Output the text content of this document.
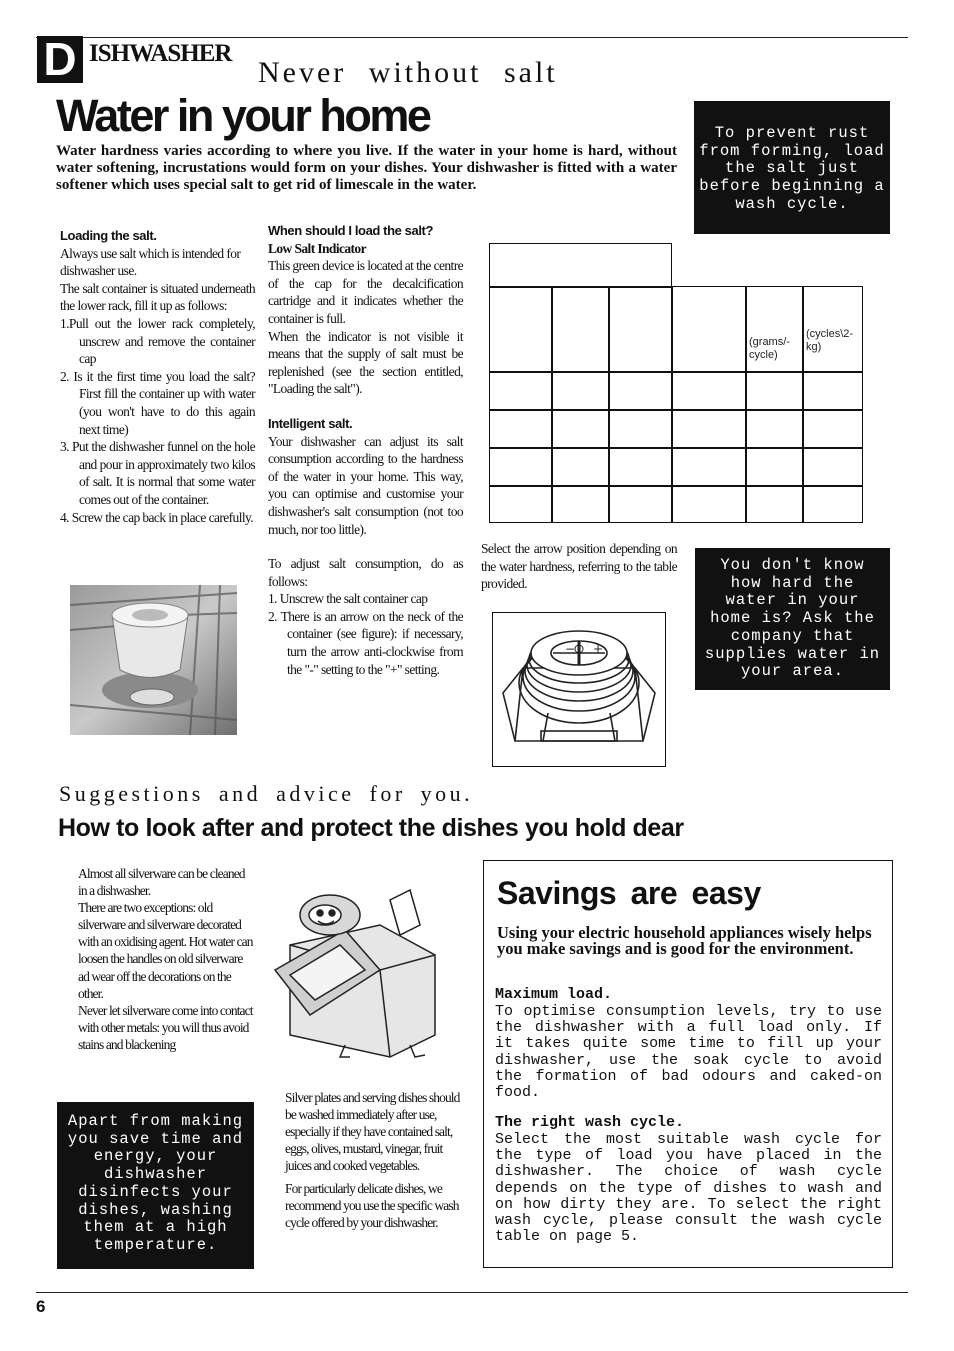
D ISHWASHER
Never without salt
Water in your home
Water hardness varies according to where you live. If the water in your home is hard, without water softening, incrustations would form on your dishes. Your dishwasher is fitted with a water softener which uses special salt to get rid of limescale in the water.
To prevent rust from forming, load the salt just before beginning a wash cycle.

Loading the salt.

Always use salt which is intended for dishwasher use.

The salt container is situated underneath the lower rack, fill it up as follows:

1.Pull out the lower rack completely, unscrew and remove the container cap

2. Is it the first time you load the salt? First fill the container up with water (you won't have to do this again next time)

3. Put the dishwasher funnel on the hole and pour in approximately two kilos of salt. It is normal that some water comes out of the container.

4. Screw the cap back in place carefully.

When should I load the salt?

Low Salt Indicator

This green device is located at the centre of the cap for the decalcification cartridge and it indicates whether the container is full.

When the indicator is not visible it means that the supply of salt must be replenished (see the section entitled, "Loading the salt").

Intelligent salt.

Your dishwasher can adjust its salt consumption according to the hardness of the water in your home. This way, you can optimise and customise your dishwasher's salt consumption (not too much, nor too little).

To adjust salt consumption, do as follows:

1. Unscrew the salt container cap

2. There is an arrow on the neck of the container (see figure): if necessary, turn the arrow anti-clockwise from the "-" setting to the "+" setting.

(grams/-cycle)
(cycles\2-kg)
Select the arrow position depending on the water hardness, referring to the table provided.
You don't know how hard the water in your home is? Ask the company that supplies water in your area.
− +
Suggestions and advice for you.
How to look after and protect the dishes you hold dear

Almost all silverware can be cleaned in a dishwasher.

There are two exceptions: old silverware and silverware decorated with an oxidising agent. Hot water can loosen the handles on old silverware ad wear off the decorations on the other.

Never let silverware come into contact with other metals: you will thus avoid stains and blackening

Apart from making you save time and energy, your dishwasher disinfects your dishes, washing them at a high temperature.

Silver plates and serving dishes should be washed immediately after use, especially if they have contained salt, eggs, olives, mustard, vinegar, fruit juices and cooked vegetables.

For particularly delicate dishes, we recommend you use the specific wash cycle offered by your dishwasher.

Savings are easy
Using your electric household appliances wisely helps you make savings and is good for the environment.
Maximum load.
To optimise consumption levels, try to use the dishwasher with a full load only. If it takes quite some time to fill up your dishwasher, use the soak cycle to avoid the formation of bad odours and caked-on food.
The right wash cycle.
Select the most suitable wash cycle for the type of load you have placed in the dishwasher. The choice of wash cycle depends on the type of dishes to wash and on how dirty they are. To select the right wash cycle, please consult the wash cycle table on page 5.
6
